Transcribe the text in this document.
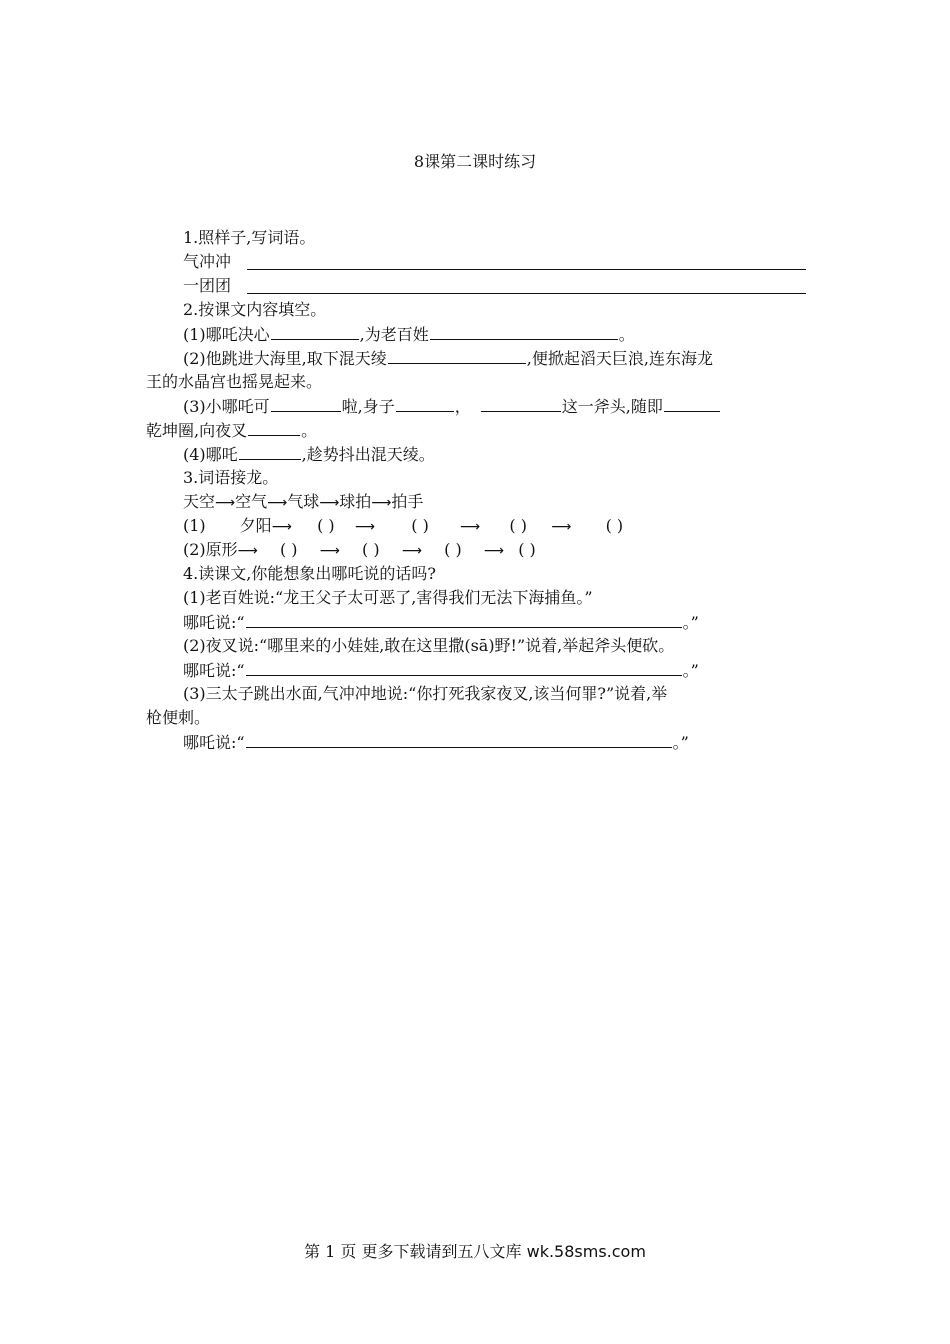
8课第二课时练习
1.照样子,写词语。
气冲冲
一团团
2.按课文内容填空。
(1)哪吒决心	,为老百姓	。
(2)他跳进大海里,取下混天绫	,便掀起滔天巨浪,连东海龙
王的水晶宫也摇晃起来。
(3)小哪吒可	啦,身子	，	这一斧头,随即
乾坤圈,向夜叉	。
(4)哪吒	,趁势抖出混天绫。
3.词语接龙。
天空⟶空气⟶气球⟶球拍⟶拍手
(1) 夕阳⟶ ( ) ⟶ ( ) ⟶ ( ) ⟶ ( )
(2)原形⟶ ( ) ⟶ ( ) ⟶ ( ) ⟶ ( )
4.读课文,你能想象出哪吒说的话吗?
(1)老百姓说:“龙王父子太可恶了,害得我们无法下海捕鱼。”
哪吒说:“	。”
(2)夜叉说:“哪里来的小娃娃,敢在这里撒(sā)野!”说着,举起斧头便砍。
哪吒说:“	。”
(3)三太子跳出水面,气冲冲地说:“你打死我家夜叉,该当何罪?”说着,举
枪便刺。
哪吒说:“	。”
第 1 页 更多下载请到五八文库 wk.58sms.com
